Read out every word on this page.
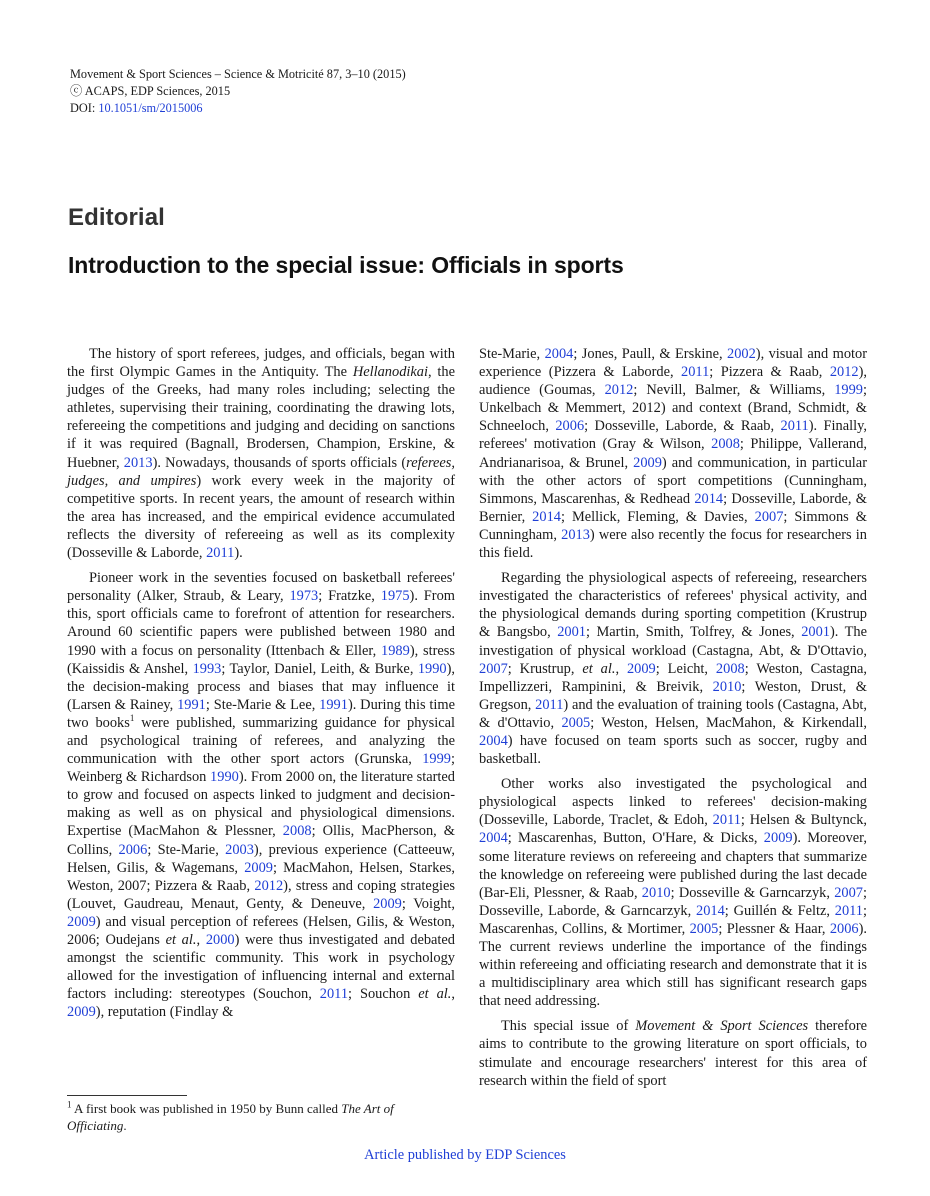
Movement & Sport Sciences – Science & Motricité 87, 3–10 (2015)
ⓒ ACAPS, EDP Sciences, 2015
DOI: 10.1051/sm/2015006
Editorial
Introduction to the special issue: Officials in sports

The history of sport referees, judges, and officials, began with the first Olympic Games in the Antiquity. The Hellanodikai, the judges of the Greeks, had many roles including; selecting the athletes, supervising their training, coordinating the drawing lots, refereeing the competitions and judging and deciding on sanctions if it was required (Bagnall, Brodersen, Champion, Erskine, & Huebner, 2013). Nowadays, thousands of sports officials (referees, judges, and umpires) work every week in the majority of competitive sports. In recent years, the amount of research within the area has increased, and the empirical evidence accumulated reflects the diversity of refereeing as well as its complexity (Dosseville & Laborde, 2011).

Pioneer work in the seventies focused on basketball referees' personality (Alker, Straub, & Leary, 1973; Fratzke, 1975). From this, sport officials came to forefront of attention for researchers. Around 60 scientific papers were published between 1980 and 1990 with a focus on personality (Ittenbach & Eller, 1989), stress (Kaissidis & Anshel, 1993; Taylor, Daniel, Leith, & Burke, 1990), the decision-making process and biases that may influence it (Larsen & Rainey, 1991; Ste-Marie & Lee, 1991). During this time two books$^1$ were published, summarizing guidance for physical and psychological training of referees, and analyzing the communication with the other sport actors (Grunska, 1999; Weinberg & Richardson 1990). From 2000 on, the literature started to grow and focused on aspects linked to judgment and decision-making as well as on physical and physiological dimensions. Expertise (MacMahon & Plessner, 2008; Ollis, MacPherson, & Collins, 2006; Ste-Marie, 2003), previous experience (Catteeuw, Helsen, Gilis, & Wagemans, 2009; MacMahon, Helsen, Starkes, Weston, 2007; Pizzera & Raab, 2012), stress and coping strategies (Louvet, Gaudreau, Menaut, Genty, & Deneuve, 2009; Voight, 2009) and visual perception of referees (Helsen, Gilis, & Weston, 2006; Oudejans et al., 2000) were thus investigated and debated amongst the scientific community. This work in psychology allowed for the investigation of influencing internal and external factors including: stereotypes (Souchon, 2011; Souchon et al., 2009), reputation (Findlay &

Ste-Marie, 2004; Jones, Paull, & Erskine, 2002), visual and motor experience (Pizzera & Laborde, 2011; Pizzera & Raab, 2012), audience (Goumas, 2012; Nevill, Balmer, & Williams, 1999; Unkelbach & Memmert, 2012) and context (Brand, Schmidt, & Schneeloch, 2006; Dosseville, Laborde, & Raab, 2011). Finally, referees' motivation (Gray & Wilson, 2008; Philippe, Vallerand, Andrianarisoa, & Brunel, 2009) and communication, in particular with the other actors of sport competitions (Cunningham, Simmons, Mascarenhas, & Redhead 2014; Dosseville, Laborde, & Bernier, 2014; Mellick, Fleming, & Davies, 2007; Simmons & Cunningham, 2013) were also recently the focus for researchers in this field.

Regarding the physiological aspects of refereeing, researchers investigated the characteristics of referees' physical activity, and the physiological demands during sporting competition (Krustrup & Bangsbo, 2001; Martin, Smith, Tolfrey, & Jones, 2001). The investigation of physical workload (Castagna, Abt, & D'Ottavio, 2007; Krustrup, et al., 2009; Leicht, 2008; Weston, Castagna, Impellizzeri, Rampinini, & Breivik, 2010; Weston, Drust, & Gregson, 2011) and the evaluation of training tools (Castagna, Abt, & d'Ottavio, 2005; Weston, Helsen, MacMahon, & Kirkendall, 2004) have focused on team sports such as soccer, rugby and basketball.

Other works also investigated the psychological and physiological aspects linked to referees' decision-making (Dosseville, Laborde, Traclet, & Edoh, 2011; Helsen & Bultynck, 2004; Mascarenhas, Button, O'Hare, & Dicks, 2009). Moreover, some literature reviews on refereeing and chapters that summarize the knowledge on refereeing were published during the last decade (Bar-Eli, Plessner, & Raab, 2010; Dosseville & Garncarzyk, 2007; Dosseville, Laborde, & Garncarzyk, 2014; Guillén & Feltz, 2011; Mascarenhas, Collins, & Mortimer, 2005; Plessner & Haar, 2006). The current reviews underline the importance of the findings within refereeing and officiating research and demonstrate that it is a multidisciplinary area which still has significant research gaps that need addressing.

This special issue of Movement & Sport Sciences therefore aims to contribute to the growing literature on sport officials, to stimulate and encourage researchers' interest for this area of research within the field of sport

$^1$ A first book was published in 1950 by Bunn called The Art of Officiating.
Article published by EDP Sciences
